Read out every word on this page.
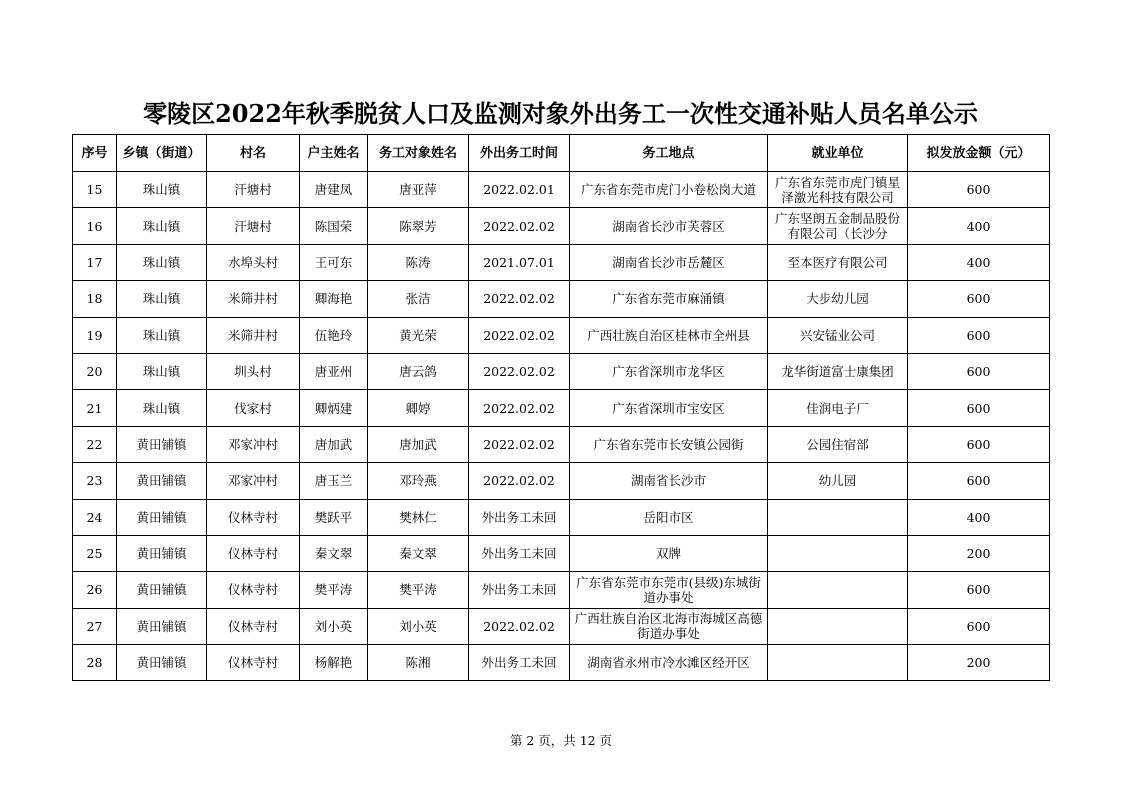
零陵区2022年秋季脱贫人口及监测对象外出务工一次性交通补贴人员名单公示
序号	乡镇（街道）	村名	户主姓名	务工对象姓名	外出务工时间	务工地点	就业单位	拟发放金额（元）

15	珠山镇	汗塘村	唐建凤	唐亚萍	2022.02.01	广东省东莞市虎门小卷松岗大道	广东省东莞市虎门镇星泽激光科技有限公司	600

16	珠山镇	汗塘村	陈国荣	陈翠芳	2022.02.02	湖南省长沙市芙蓉区	广东坚朗五金制品股份有限公司（长沙分	400

17	珠山镇	水埠头村	王可东	陈涛	2021.07.01	湖南省长沙市岳麓区	至本医疗有限公司	400

18	珠山镇	米筛井村	卿海艳	张洁	2022.02.02	广东省东莞市麻涌镇	大步幼儿园	600

19	珠山镇	米筛井村	伍艳玲	黄光荣	2022.02.02	广西壮族自治区桂林市全州县	兴安锰业公司	600

20	珠山镇	圳头村	唐亚州	唐云鸽	2022.02.02	广东省深圳市龙华区	龙华街道富士康集团	600

21	珠山镇	伐家村	卿炳建	卿婷	2022.02.02	广东省深圳市宝安区	佳润电子厂	600

22	黄田铺镇	邓家冲村	唐加武	唐加武	2022.02.02	广东省东莞市长安镇公园街	公园住宿部	600

23	黄田铺镇	邓家冲村	唐玉兰	邓玲燕	2022.02.02	湖南省长沙市	幼儿园	600

24	黄田铺镇	仪林寺村	樊跃平	樊林仁	外出务工未回	岳阳市区		400

25	黄田铺镇	仪林寺村	秦文翠	秦文翠	外出务工未回	双牌		200

26	黄田铺镇	仪林寺村	樊平涛	樊平涛	外出务工未回	广东省东莞市东莞市(县级)东城街道办事处		600

27	黄田铺镇	仪林寺村	刘小英	刘小英	2022.02.02	广西壮族自治区北海市海城区高德街道办事处		600

28	黄田铺镇	仪林寺村	杨解艳	陈湘	外出务工未回	湖南省永州市冷水滩区经开区		200
第 2 页，共 12 页
